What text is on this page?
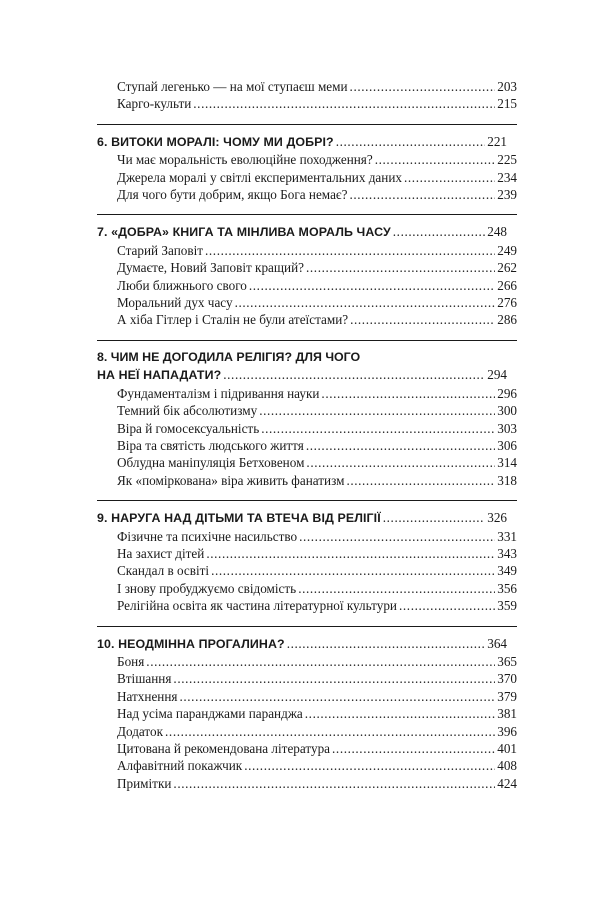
Ступай легенько — на мої ступаєш меми .....	203
Карго-культи .....	215
6. ВИТОКИ МОРАЛІ: ЧОМУ МИ ДОБРІ? .....	221
Чи має моральність еволюційне походження? .....	225
Джерела моралі у світлі експериментальних даних .....	234
Для чого бути добрим, якщо Бога немає? .....	239
7. «ДОБРА» КНИГА ТА МІНЛИВА МОРАЛЬ ЧАСУ .....	248
Старий Заповіт .....	249
Думаєте, Новий Заповіт кращий? .....	262
Люби ближнього свого .....	266
Моральний дух часу .....	276
А хіба Гітлер і Сталін не були атеїстами? .....	286
8. ЧИМ НЕ ДОГОДИЛА РЕЛІГІЯ? ДЛЯ ЧОГО
НА НЕЇ НАПАДАТИ? .....	294
Фундаменталізм і підривання науки .....	296
Темний бік абсолютизму .....	300
Віра й гомосексуальність .....	303
Віра та святість людського життя .....	306
Облудна маніпуляція Бетховеном .....	314
Як «поміркована» віра живить фанатизм .....	318
9. НАРУГА НАД ДІТЬМИ ТА ВТЕЧА ВІД РЕЛІГІЇ .....	326
Фізичне та психічне насильство .....	331
На захист дітей .....	343
Скандал в освіті .....	349
І знову пробуджуємо свідомість .....	356
Релігійна освіта як частина літературної культури .....	359
10. НЕОДМІННА ПРОГАЛИНА? .....	364
Боня .....	365
Втішання .....	370
Натхнення .....	379
Над усіма паранджами паранджа .....	381
Додаток .....	396
Цитована й рекомендована література .....	401
Алфавітний покажчик .....	408
Примітки .....	424
